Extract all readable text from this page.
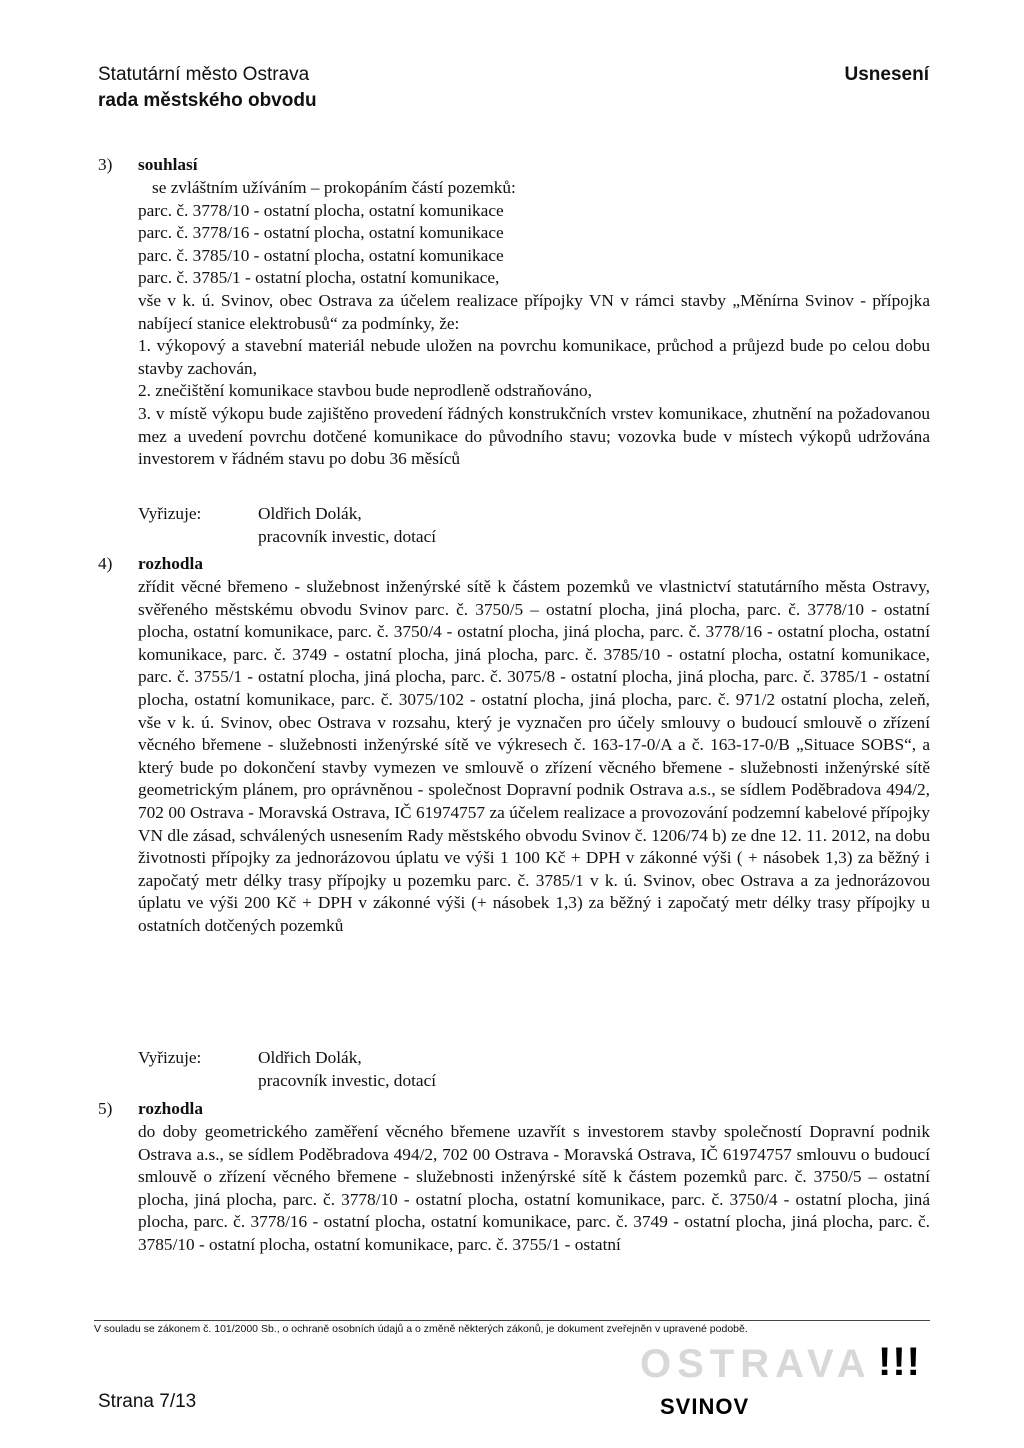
Statutární město Ostrava
rada městského obvodu
Usnesení
3) souhlasí
se zvláštním užíváním – prokopáním částí pozemků:
parc. č. 3778/10 - ostatní plocha, ostatní komunikace
parc. č. 3778/16 - ostatní plocha, ostatní komunikace
parc. č. 3785/10 - ostatní plocha, ostatní komunikace
parc. č. 3785/1 - ostatní plocha, ostatní komunikace,

vše v k. ú. Svinov, obec Ostrava za účelem realizace přípojky VN v rámci stavby „Měnírna Svinov - přípojka nabíjecí stanice elektrobusů“ za podmínky, že:

1. výkopový a stavební materiál nebude uložen na povrchu komunikace, průchod a průjezd bude po celou dobu stavby zachován,
2. znečištění komunikace stavbou bude neprodleně odstraňováno,
3. v místě výkopu bude zajištěno provedení řádných konstrukčních vrstev komunikace, zhutnění na požadovanou mez a uvedení povrchu dotčené komunikace do původního stavu; vozovka bude v místech výkopů udržována investorem v řádném stavu po dobu 36 měsíců
Vyřizuje:	Oldřich Dolák,
pracovník investic, dotací
4) rozhodla

zřídit věcné břemeno - služebnost inženýrské sítě k částem pozemků ve vlastnictví statutárního města Ostravy, svěřeného městskému obvodu Svinov parc. č. 3750/5 – ostatní plocha, jiná plocha, parc. č. 3778/10 - ostatní plocha, ostatní komunikace, parc. č. 3750/4 - ostatní plocha, jiná plocha, parc. č. 3778/16 - ostatní plocha, ostatní komunikace, parc. č. 3749 - ostatní plocha, jiná plocha, parc. č. 3785/10 - ostatní plocha, ostatní komunikace, parc. č. 3755/1 - ostatní plocha, jiná plocha, parc. č. 3075/8 - ostatní plocha, jiná plocha, parc. č. 3785/1 - ostatní plocha, ostatní komunikace, parc. č. 3075/102 - ostatní plocha, jiná plocha, parc. č. 971/2 ostatní plocha, zeleň, vše v k. ú. Svinov, obec Ostrava v rozsahu, který je vyznačen pro účely smlouvy o budoucí smlouvě o zřízení věcného břemene - služebnosti inženýrské sítě ve výkresech č. 163-17-0/A a č. 163-17-0/B „Situace SOBS“, a který bude po dokončení stavby vymezen ve smlouvě o zřízení věcného břemene - služebnosti inženýrské sítě geometrickým plánem, pro oprávněnou - společnost Dopravní podnik Ostrava a.s., se sídlem Poděbradova 494/2, 702 00 Ostrava - Moravská Ostrava, IČ 61974757 za účelem realizace a provozování podzemní kabelové přípojky VN dle zásad, schválených usnesením Rady městského obvodu Svinov č. 1206/74 b) ze dne 12. 11. 2012, na dobu životnosti přípojky za jednorázovou úplatu ve výši 1 100 Kč + DPH v zákonné výši ( + násobek 1,3) za běžný i započatý metr délky trasy přípojky u pozemku parc. č. 3785/1 v k. ú. Svinov, obec Ostrava a za jednorázovou úplatu ve výši 200 Kč + DPH v zákonné výši (+ násobek 1,3) za běžný i započatý metr délky trasy přípojky u ostatních dotčených pozemků

Vyřizuje:	Oldřich Dolák,
pracovník investic, dotací
5) rozhodla

do doby geometrického zaměření věcného břemene uzavřít s investorem stavby společností Dopravní podnik Ostrava a.s., se sídlem Poděbradova 494/2, 702 00 Ostrava - Moravská Ostrava, IČ 61974757 smlouvu o budoucí smlouvě o zřízení věcného břemene - služebnosti inženýrské sítě k částem pozemků parc. č. 3750/5 – ostatní plocha, jiná plocha, parc. č. 3778/10 - ostatní plocha, ostatní komunikace, parc. č. 3750/4 - ostatní plocha, jiná plocha, parc. č. 3778/16 - ostatní plocha, ostatní komunikace, parc. č. 3749 - ostatní plocha, jiná plocha, parc. č. 3785/10 - ostatní plocha, ostatní komunikace, parc. č. 3755/1 - ostatní

V souladu se zákonem č. 101/2000 Sb., o ochraně osobních údajů a o změně některých zákonů, je dokument zveřejněn v upravené podobě.
Strana 7/13
OSTRAVA !!!
SVINOV
